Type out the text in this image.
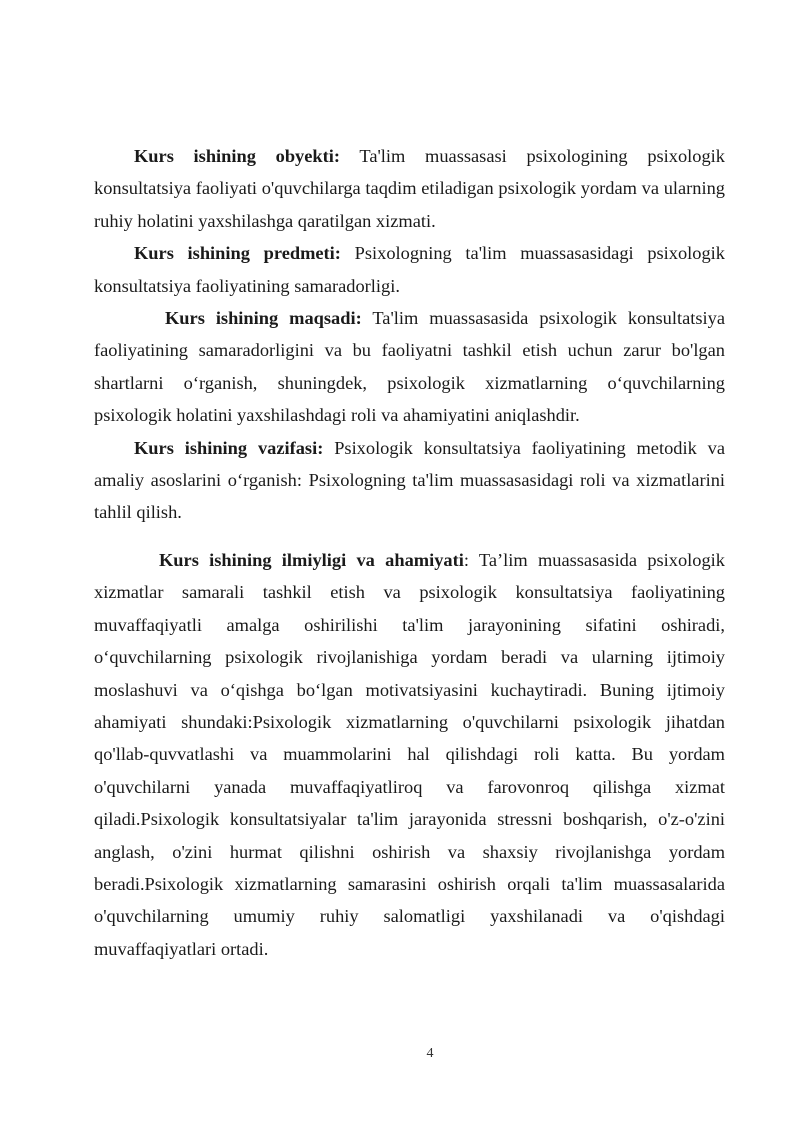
Kurs ishining obyekti: Ta'lim muassasasi psixologining psixologik konsultatsiya faoliyati o'quvchilarga taqdim etiladigan psixologik yordam va ularning ruhiy holatini yaxshilashga qaratilgan xizmati.

Kurs ishining predmeti: Psixologning ta'lim muassasasidagi psixologik konsultatsiya faoliyatining samaradorligi.

Kurs ishining maqsadi: Ta'lim muassasasida psixologik konsultatsiya faoliyatining samaradorligini va bu faoliyatni tashkil etish uchun zarur bo'lgan shartlarni o‘rganish, shuningdek, psixologik xizmatlarning o‘quvchilarning psixologik holatini yaxshilashdagi roli va ahamiyatini aniqlashdir.

Kurs ishining vazifasi: Psixologik konsultatsiya faoliyatining metodik va amaliy asoslarini o‘rganish: Psixologning ta'lim muassasasidagi roli va xizmatlarini tahlil qilish.

Kurs ishining ilmiyligi va ahamiyati: Ta’lim muassasasida psixologik xizmatlar samarali tashkil etish va psixologik konsultatsiya faoliyatining muvaffaqiyatli amalga oshirilishi ta'lim jarayonining sifatini oshiradi, o‘quvchilarning psixologik rivojlanishiga yordam beradi va ularning ijtimoiy moslashuvi va o‘qishga bo‘lgan motivatsiyasini kuchaytiradi. Buning ijtimoiy ahamiyati shundaki:Psixologik xizmatlarning o'quvchilarni psixologik jihatdan qo'llab-quvvatlashi va muammolarini hal qilishdagi roli katta. Bu yordam o'quvchilarni yanada muvaffaqiyatliroq va farovonroq qilishga xizmat qiladi.Psixologik konsultatsiyalar ta'lim jarayonida stressni boshqarish, o'z-o'zini anglash, o'zini hurmat qilishni oshirish va shaxsiy rivojlanishga yordam beradi.Psixologik xizmatlarning samarasini oshirish orqali ta'lim muassasalarida o'quvchilarning umumiy ruhiy salomatligi yaxshilanadi va o'qishdagi muvaffaqiyatlari ortadi.

4
